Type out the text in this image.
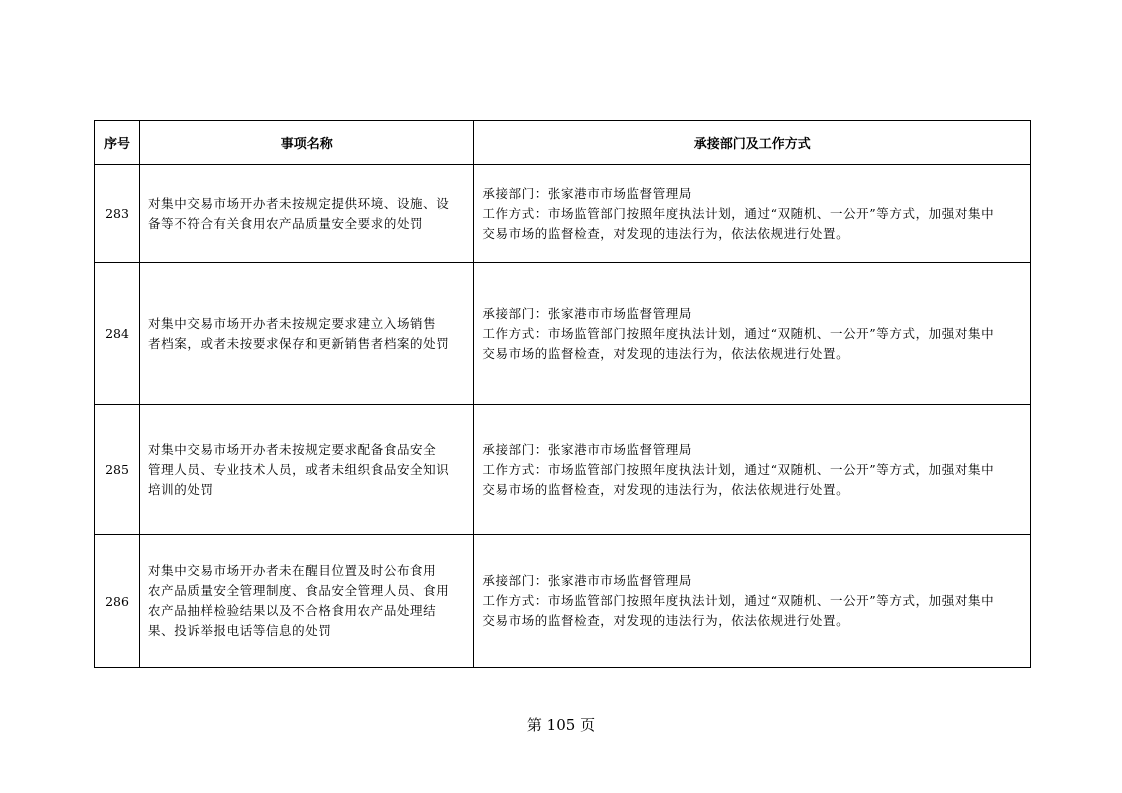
序号	事项名称	承接部门及工作方式
283	对集中交易市场开办者未按规定提供环境、设施、设
备等不符合有关食用农产品质量安全要求的处罚	承接部门：张家港市市场监督管理局
工作方式：市场监管部门按照年度执法计划，通过“双随机、一公开”等方式，加强对集中
交易市场的监督检查，对发现的违法行为，依法依规进行处置。

284	对集中交易市场开办者未按规定要求建立入场销售
者档案，或者未按要求保存和更新销售者档案的处罚	承接部门：张家港市市场监督管理局
工作方式：市场监管部门按照年度执法计划，通过“双随机、一公开”等方式，加强对集中
交易市场的监督检查，对发现的违法行为，依法依规进行处置。

285	对集中交易市场开办者未按规定要求配备食品安全
管理人员、专业技术人员，或者未组织食品安全知识
培训的处罚	承接部门：张家港市市场监督管理局
工作方式：市场监管部门按照年度执法计划，通过“双随机、一公开”等方式，加强对集中
交易市场的监督检查，对发现的违法行为，依法依规进行处置。

286	对集中交易市场开办者未在醒目位置及时公布食用
农产品质量安全管理制度、食品安全管理人员、食用
农产品抽样检验结果以及不合格食用农产品处理结
果、投诉举报电话等信息的处罚	承接部门：张家港市市场监督管理局
工作方式：市场监管部门按照年度执法计划，通过“双随机、一公开”等方式，加强对集中
交易市场的监督检查，对发现的违法行为，依法依规进行处置。
第 105 页
